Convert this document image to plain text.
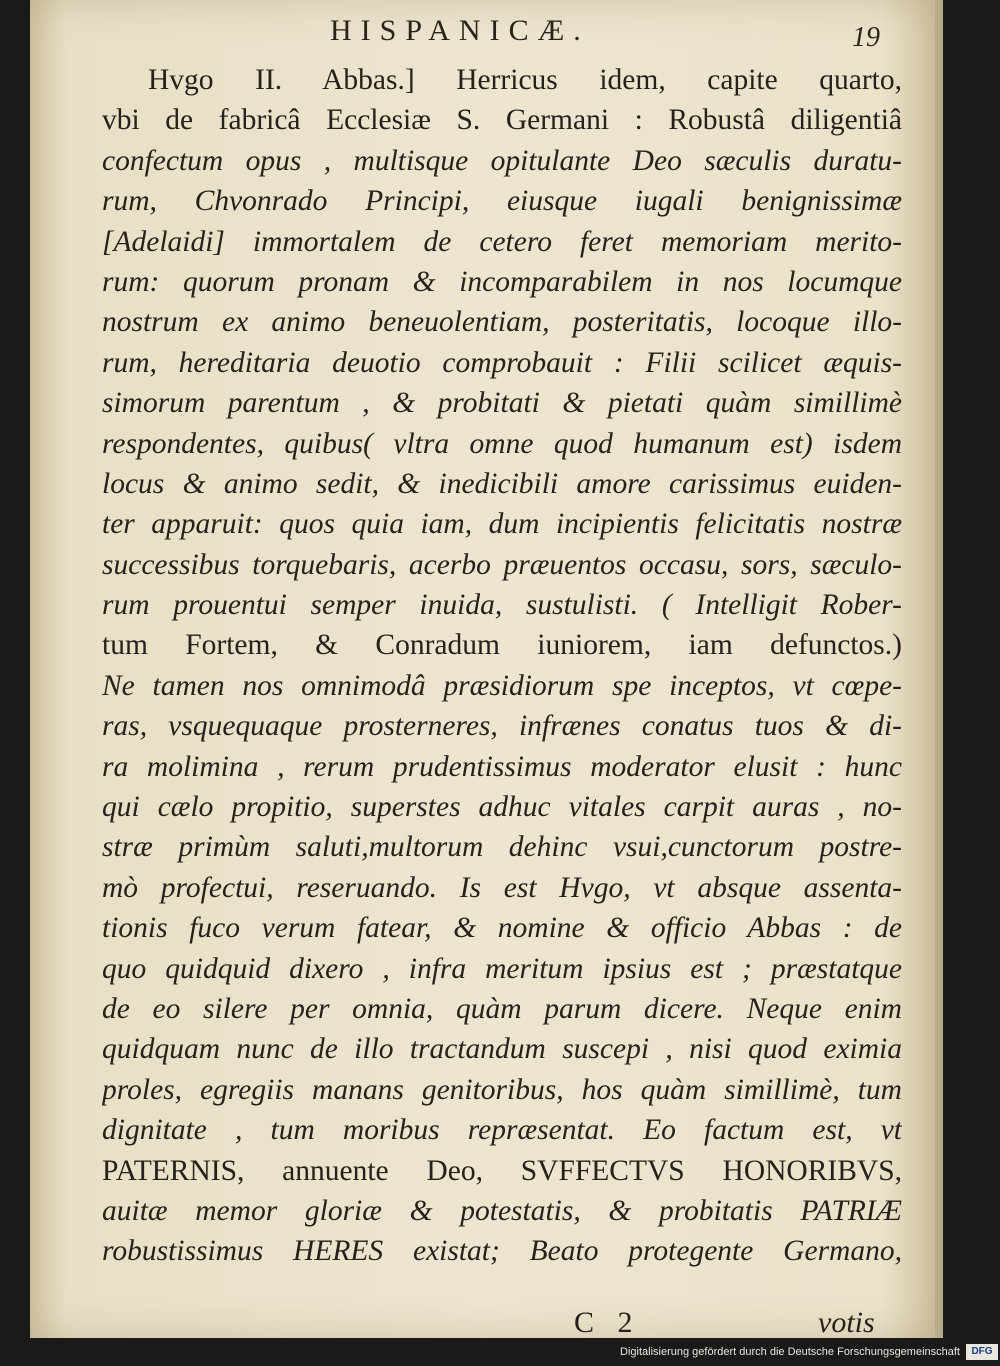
HISPANICÆ.	19
Hvgo II. Abbas.] Herricus idem, capite quarto,
vbi de fabricâ Ecclesiæ S. Germani : Robustâ diligentiâ
confectum opus , multisque opitulante Deo sæculis duratu-
rum, Chvonrado Principi, eiusque iugali benignissimæ
[Adelaidi] immortalem de cetero feret memoriam merito-
rum: quorum pronam & incomparabilem in nos locumque
nostrum ex animo beneuolentiam, posteritatis, locoque illo-
rum, hereditaria deuotio comprobauit : Filii scilicet æquis-
simorum parentum , & probitati & pietati quàm simillimè
respondentes, quibus( vltra omne quod humanum est) isdem
locus & animo sedit, & inedicibili amore carissimus euiden-
ter apparuit: quos quia iam, dum incipientis felicitatis nostræ
successibus torquebaris, acerbo præuentos occasu, sors, sæculo-
rum prouentui semper inuida, sustulisti. ( Intelligit Rober-
tum Fortem, & Conradum iuniorem, iam defunctos.)
Ne tamen nos omnimodâ præsidiorum spe inceptos, vt cœpe-
ras, vsquequaque prosterneres, infrænes conatus tuos & di-
ra molimina , rerum prudentissimus moderator elusit : hunc
qui cælo propitio, superstes adhuc vitales carpit auras , no-
stræ primùm saluti,multorum dehinc vsui,cunctorum postre-
mò profectui, reseruando. Is est Hvgo, vt absque assenta-
tionis fuco verum fatear, & nomine & officio Abbas : de
quo quidquid dixero , infra meritum ipsius est ; præstatque
de eo silere per omnia, quàm parum dicere. Neque enim
quidquam nunc de illo tractandum suscepi , nisi quod eximia
proles, egregiis manans genitoribus, hos quàm simillimè, tum
dignitate , tum moribus repræsentat. Eo factum est, vt
PATERNIS, annuente Deo, SVFFECTVS HONORIBVS,
auitæ memor gloriæ & potestatis, & probitatis PATRIÆ
robustissimus HERES existat; Beato protegente Germano,
C 2	votis
Digitalisierung gefördert durch die Deutsche Forschungsgemeinschaft	DFG
